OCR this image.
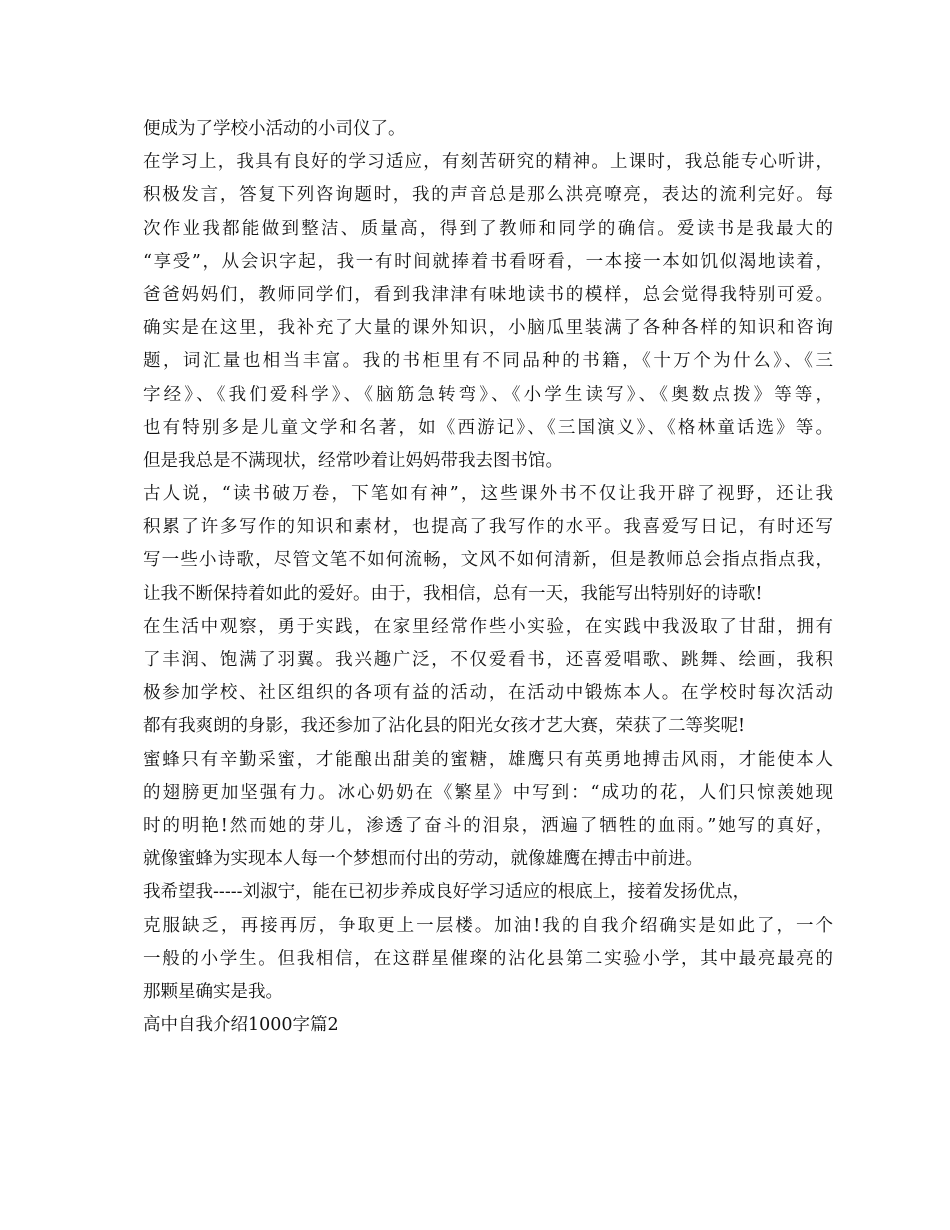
便成为了学校小活动的小司仪了。
在学习上，我具有良好的学习适应，有刻苦研究的精神。上课时，我总能专心听讲，
积极发言，答复下列咨询题时，我的声音总是那么洪亮嘹亮，表达的流利完好。每
次作业我都能做到整洁、质量高，得到了教师和同学的确信。爱读书是我最大的
“享受”，从会识字起，我一有时间就捧着书看呀看，一本接一本如饥似渴地读着，
爸爸妈妈们，教师同学们，看到我津津有味地读书的模样，总会觉得我特别可爱。
确实是在这里，我补充了大量的课外知识，小脑瓜里装满了各种各样的知识和咨询
题，词汇量也相当丰富。我的书柜里有不同品种的书籍，《十万个为什么》、《三
字经》、《我们爱科学》、《脑筋急转弯》、《小学生读写》、《奥数点拨》等等，
也有特别多是儿童文学和名著，如《西游记》、《三国演义》、《格林童话选》等。
但是我总是不满现状，经常吵着让妈妈带我去图书馆。
古人说，“读书破万卷，下笔如有神”，这些课外书不仅让我开辟了视野，还让我
积累了许多写作的知识和素材，也提高了我写作的水平。我喜爱写日记，有时还写
写一些小诗歌，尽管文笔不如何流畅，文风不如何清新，但是教师总会指点指点我，
让我不断保持着如此的爱好。由于，我相信，总有一天，我能写出特别好的诗歌!
在生活中观察，勇于实践，在家里经常作些小实验，在实践中我汲取了甘甜，拥有
了丰润、饱满了羽翼。我兴趣广泛，不仅爱看书，还喜爱唱歌、跳舞、绘画，我积
极参加学校、社区组织的各项有益的活动，在活动中锻炼本人。在学校时每次活动
都有我爽朗的身影，我还参加了沾化县的阳光女孩才艺大赛，荣获了二等奖呢!
蜜蜂只有辛勤采蜜，才能酿出甜美的蜜糖，雄鹰只有英勇地搏击风雨，才能使本人
的翅膀更加坚强有力。冰心奶奶在《繁星》中写到：“成功的花，人们只惊羡她现
时的明艳!然而她的芽儿，渗透了奋斗的泪泉，洒遍了牺牲的血雨。”她写的真好，
就像蜜蜂为实现本人每一个梦想而付出的劳动，就像雄鹰在搏击中前进。
我希望我-----刘淑宁，能在已初步养成良好学习适应的根底上，接着发扬优点，
克服缺乏，再接再厉，争取更上一层楼。加油!我的自我介绍确实是如此了，一个
一般的小学生。但我相信，在这群星催璨的沾化县第二实验小学，其中最亮最亮的
那颗星确实是我。
高中自我介绍1000字篇2
